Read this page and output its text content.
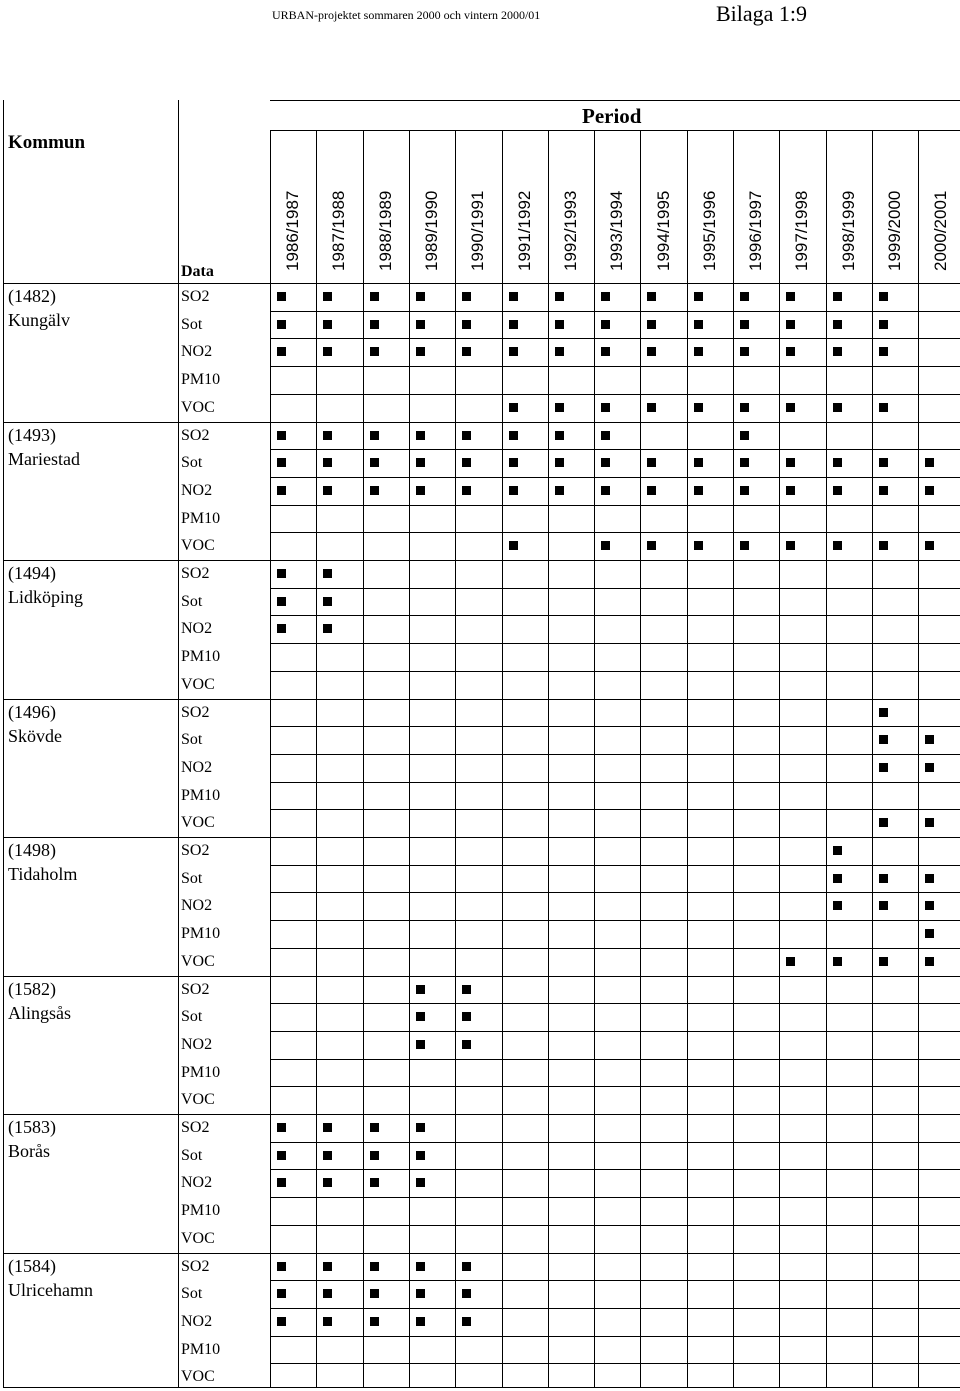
URBAN-projektet sommaren 2000 och vintern 2000/01	Bilaga 1:9
Period
Kommun
Data
1986/1987 1987/1988 1988/1989 1989/1990 1990/1991 1991/1992 1992/1993 1993/1994 1994/1995 1995/1996 1996/1997 1997/1998 1998/1999 1999/2000 2000/2001
(1482)
Kungälv
SO2
Sot
NO2
PM10
VOC
(1493)
Mariestad
SO2
Sot
NO2
PM10
VOC
(1494)
Lidköping
SO2
Sot
NO2
PM10
VOC
(1496)
Skövde
SO2
Sot
NO2
PM10
VOC
(1498)
Tidaholm
SO2
Sot
NO2
PM10
VOC
(1582)
Alingsås
SO2
Sot
NO2
PM10
VOC
(1583)
Borås
SO2
Sot
NO2
PM10
VOC
(1584)
Ulricehamn
SO2
Sot
NO2
PM10
VOC
